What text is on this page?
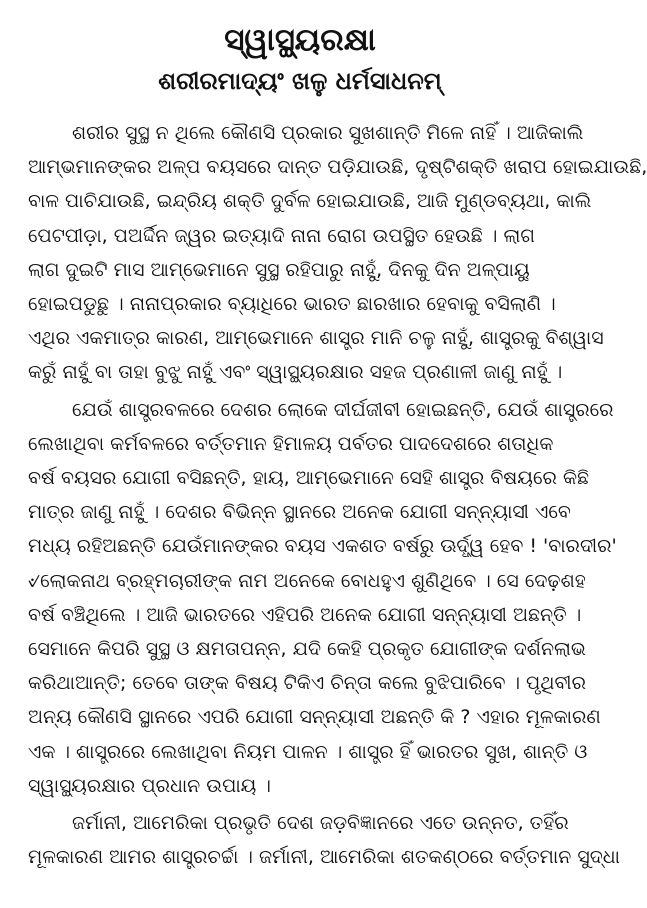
ସ୍ୱାସ୍ଥ୍ୟରକ୍ଷା
ଶରୀରମାଦ୍ୟଂ ଖଳୁ ଧର୍ମସାଧନମ୍
ଶରୀର ସୁସ୍ଥ ନ ଥିଲେ କୌଣସି ପ୍ରକାର ସୁଖଶାନ୍ତି ମିଳେ ନାହିଁ । ଆଜିକାଲି
ଆମ୍ଭମାନଙ୍କର ଅଳ୍ପ ବୟସରେ ଦାନ୍ତ ପଡ଼ିଯାଉଛି, ଦୃଷ୍ଟିଶକ୍ତି ଖରାପ ହୋଇଯାଉଛି,
ବାଳ ପାଚିଯାଉଛି, ଇନ୍ଦ୍ରିୟ ଶକ୍ତି ଦୁର୍ବଳ ହୋଇଯାଉଛି, ଆଜି ମୁଣ୍ଡବ୍ୟଥା, କାଲି
ପେଟପୀଡ଼ା, ପଅର୍ଦ୍ଦିନ ଜ୍ୱର ଇତ୍ୟାଦି ନାନା ରୋଗ ଉପସ୍ଥିତ ହେଉଛି । ଲାଗ
ଲାଗ ଦୁଇଟି ମାସ ଆମ୍ଭେମାନେ ସୁସ୍ଥ ରହିପାରୁ ନାହୁଁ, ଦିନକୁ ଦିନ ଅଳ୍ପାୟୁ
ହୋଇପଡୁଛୁ । ନାନାପ୍ରକାର ବ୍ୟାଧିରେ ଭାରତ ଛାରଖାର ହେବାକୁ ବସିଲାଣି ।
ଏଥିର ଏକମାତ୍ର କାରଣ, ଆମ୍ଭେମାନେ ଶାସ୍ତ୍ର ମାନି ଚଳୁ ନାହୁଁ, ଶାସ୍ତ୍ରକୁ ବିଶ୍ୱାସ
କରୁଁ ନାହୁଁ ବା ତାହା ବୁଝୁ ନାହୁଁ ଏବଂ ସ୍ୱାସ୍ଥ୍ୟରକ୍ଷାର ସହଜ ପ୍ରଣାଳୀ ଜାଣୁ ନାହୁଁ ।
ଯେଉଁ ଶାସ୍ତ୍ରବଳରେ ଦେଶର ଲୋକେ ଦୀର୍ଘଜୀବୀ ହୋଇଛନ୍ତି, ଯେଉଁ ଶାସ୍ତ୍ରରେ
ଲେଖାଥିବା କର୍ମବଳରେ ବର୍ତ୍ତମାନ ହିମାଳୟ ପର୍ବତର ପାଦଦେଶରେ ଶତାଧିକ
ବର୍ଷ ବୟସର ଯୋଗୀ ବସିଛନ୍ତି, ହାୟ, ଆମ୍ଭେମାନେ ସେହି ଶାସ୍ତ୍ର ବିଷୟରେ କିଛି
ମାତ୍ର ଜାଣୁ ନାହୁଁ । ଦେଶର ବିଭିନ୍ନ ସ୍ଥାନରେ ଅନେକ ଯୋଗୀ ସନ୍ନ୍ୟାସୀ ଏବେ
ମଧ୍ୟ ରହିଅଛନ୍ତି ଯେଉଁମାନଙ୍କର ବୟସ ଏକଶତ ବର୍ଷରୁ ଊର୍ଦ୍ଧ୍ୱ ହେବ ! 'ବାରଦୀର'
୰ଲୋକନାଥ ବ୍ରହ୍ମଚାରୀଙ୍କ ନାମ ଅନେକେ ବୋଧହୁଏ ଶୁଣିଥିବେ । ସେ ଦେଢ଼ଶହ
ବର୍ଷ ବଞ୍ଚିଥିଲେ । ଆଜି ଭାରତରେ ଏହିପରି ଅନେକ ଯୋଗୀ ସନ୍ନ୍ୟାସୀ ଅଛନ୍ତି ।
ସେମାନେ କିପରି ସୁସ୍ଥ ଓ କ୍ଷମତାପନ୍ନ, ଯଦି କେହି ପ୍ରକୃତ ଯୋଗୀଙ୍କ ଦର୍ଶନଲାଭ
କରିଥାଆନ୍ତି; ତେବେ ତାଙ୍କ ବିଷୟ ଟିକିଏ ଚିନ୍ତା କଲେ ବୁଝିପାରିବେ । ପୃଥିବୀର
ଅନ୍ୟ କୌଣସି ସ୍ଥାନରେ ଏପରି ଯୋଗୀ ସନ୍ନ୍ୟାସୀ ଅଛନ୍ତି କି ? ଏହାର ମୂଳକାରଣ
ଏକ । ଶାସ୍ତ୍ରରେ ଲେଖାଥିବା ନିୟମ ପାଳନ । ଶାସ୍ତ୍ର ହିଁ ଭାରତର ସୁଖ, ଶାନ୍ତି ଓ
ସ୍ୱାସ୍ଥ୍ୟରକ୍ଷାର ପ୍ରଧାନ ଉପାୟ ।
ଜର୍ମାନୀ, ଆମେରିକା ପ୍ରଭୃତି ଦେଶ ଜଡ଼ବିଜ୍ଞାନରେ ଏତେ ଉନ୍ନତ, ତହିଁର
ମୂଳକାରଣ ଆମର ଶାସ୍ତ୍ରଚର୍ଚ୍ଚା । ଜର୍ମାନୀ, ଆମେରିକା ଶତକଣ୍ଠରେ ବର୍ତ୍ତମାନ ସୁଦ୍ଧା
